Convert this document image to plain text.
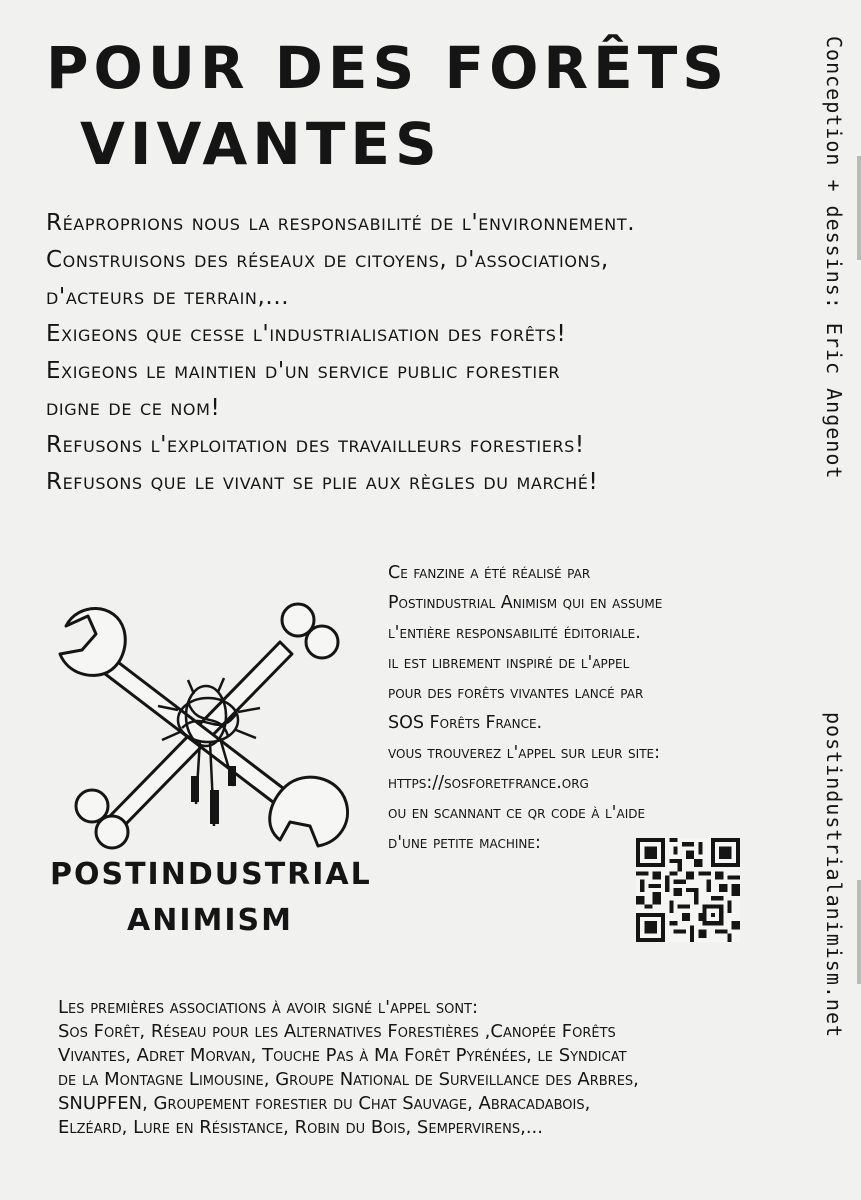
POUR DES FORÊTS
VIVANTES
Réaproprions nous la responsabilité de l'environnement.
Construisons des réseaux de citoyens, d'associations,
d'acteurs de terrain,...
Exigeons que cesse l'industrialisation des forêts!
Exigeons le maintien d'un service public forestier
digne de ce nom!
Refusons l'exploitation des travailleurs forestiers!
Refusons que le vivant se plie aux règles du marché!
POSTINDUSTRIAL
ANIMISM
Ce fanzine a été réalisé par
Postindustrial Animism qui en assume
l'entière responsabilité éditoriale.
il est librement inspiré de l'appel
pour des forêts vivantes lancé par
SOS Forêts France.
vous trouverez l'appel sur leur site:
https://sosforetfrance.org
ou en scannant ce qr code à l'aide
d'une petite machine:
Les premières associations à avoir signé l'appel sont:
Sos Forêt, Réseau pour les Alternatives Forestières ,Canopée Forêts
Vivantes, Adret Morvan, Touche Pas à Ma Forêt Pyrénées, le Syndicat
de la Montagne Limousine, Groupe National de Surveillance des Arbres,
SNUPFEN, Groupement forestier du Chat Sauvage, Abracadabois,
Elzéard, Lure en Résistance, Robin du Bois, Sempervirens,...
Conception + dessins: Eric Angenot
postindustrialanimism.net
